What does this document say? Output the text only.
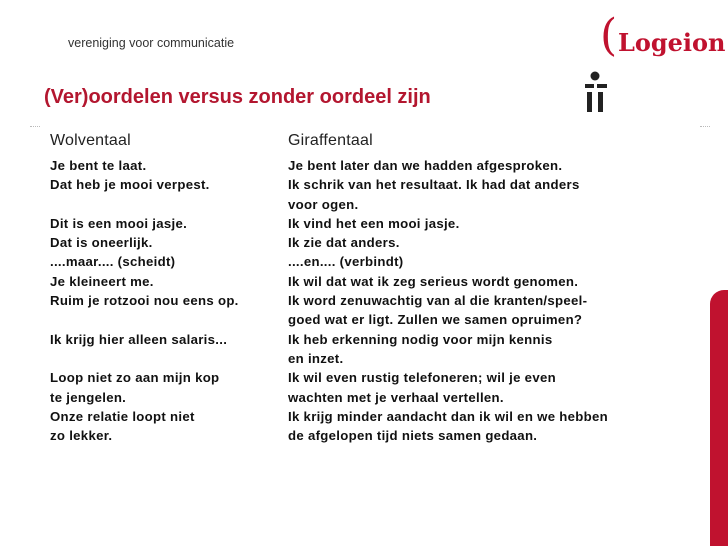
vereniging voor communicatie	( Logeion
(Ver)oordelen versus zonder oordeel zijn
Wolventaal
Je bent te laat.
Dat heb je mooi verpest.
Dit is een mooi jasje.
Dat is oneerlijk.
....maar.... (scheidt)
Je kleineert me.
Ruim je rotzooi nou eens op.
Ik krijg hier alleen salaris...
Loop niet zo aan mijn kop
te jengelen.
Onze relatie loopt niet
zo lekker.
Giraffentaal
Je bent later dan we hadden afgesproken.
Ik schrik van het resultaat. Ik had dat anders
voor ogen.
Ik vind het een mooi jasje.
Ik zie dat anders.
....en.... (verbindt)
Ik wil dat wat ik zeg serieus wordt genomen.
Ik word zenuwachtig van al die kranten/speel-
goed wat er ligt. Zullen we samen opruimen?
Ik heb erkenning nodig voor mijn kennis
en inzet.
Ik wil even rustig telefoneren; wil je even
wachten met je verhaal vertellen.
Ik krijg minder aandacht dan ik wil en we hebben
de afgelopen tijd niets samen gedaan.
